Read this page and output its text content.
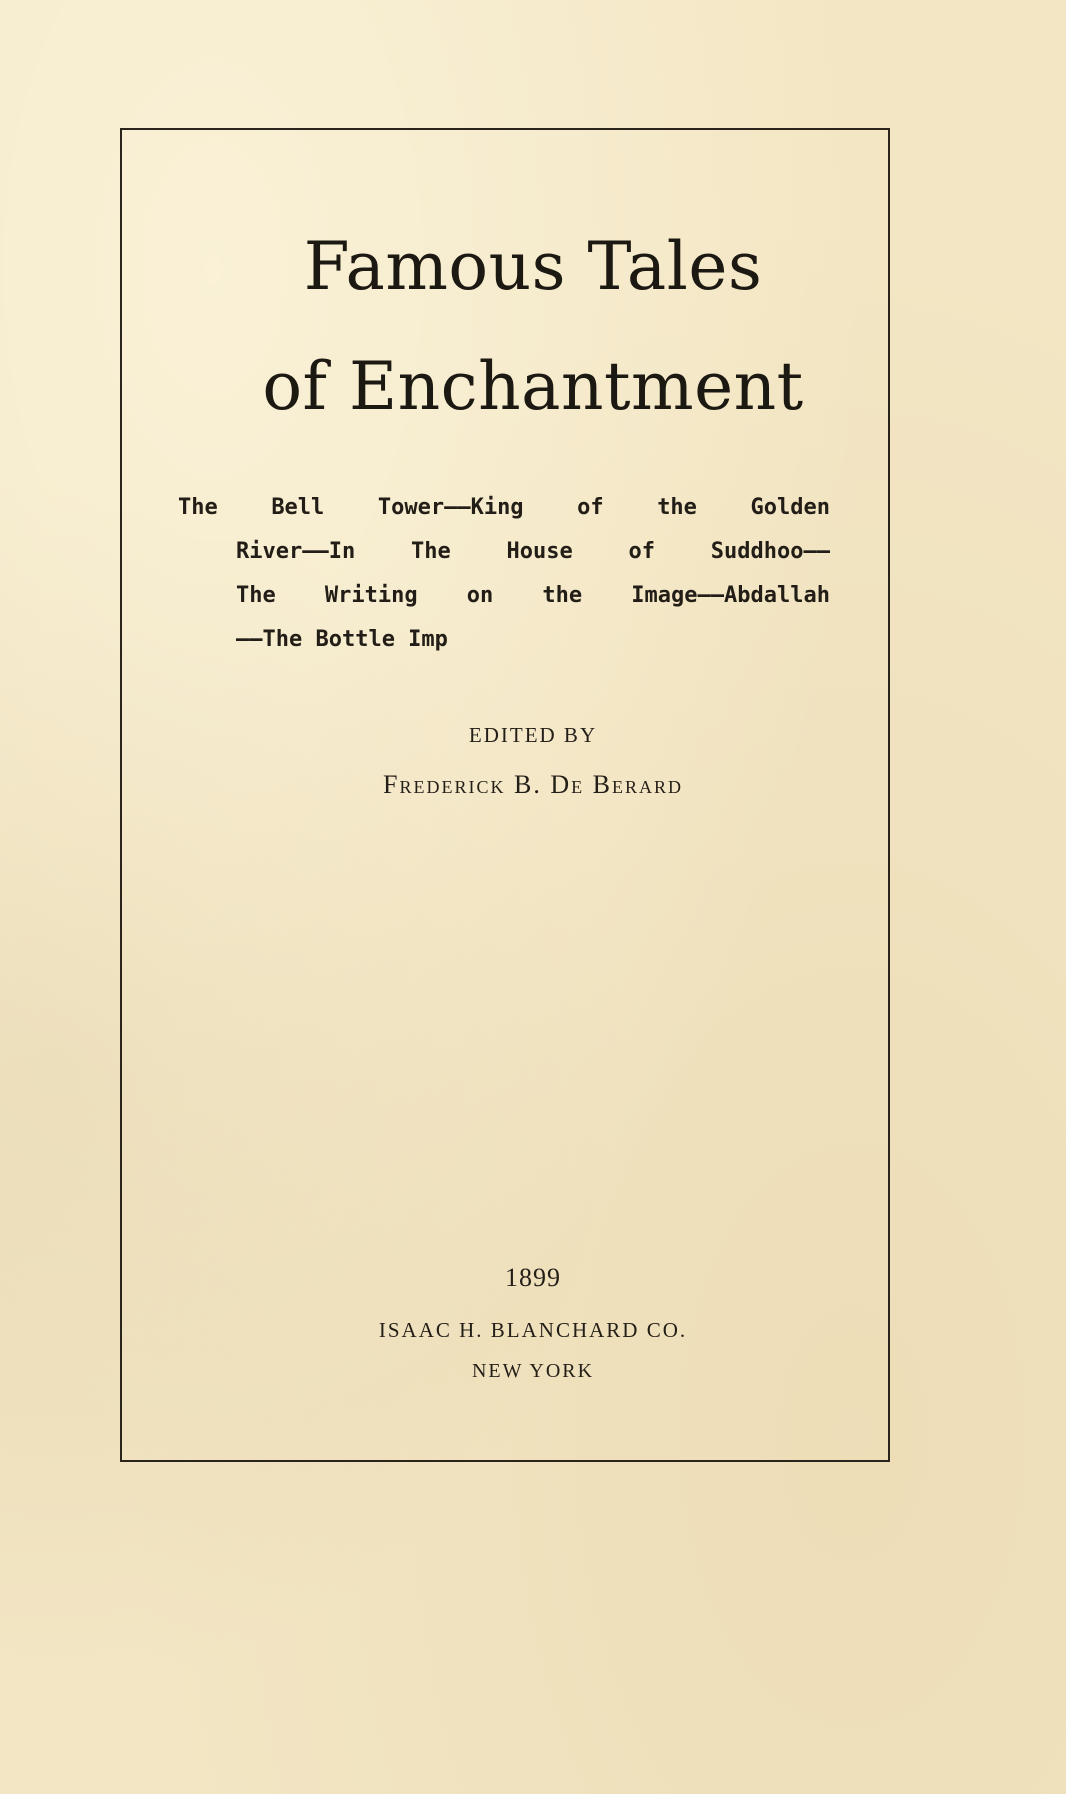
Famous Tales
of Enchantment
The Bell Tower——King of the Golden
River——In	The	House	of	Suddhoo——
The Writing on the Image——Abdallah
——The Bottle Imp
EDITED BY
Frederick B. De Berard
1899
ISAAC H. BLANCHARD CO.
NEW YORK
